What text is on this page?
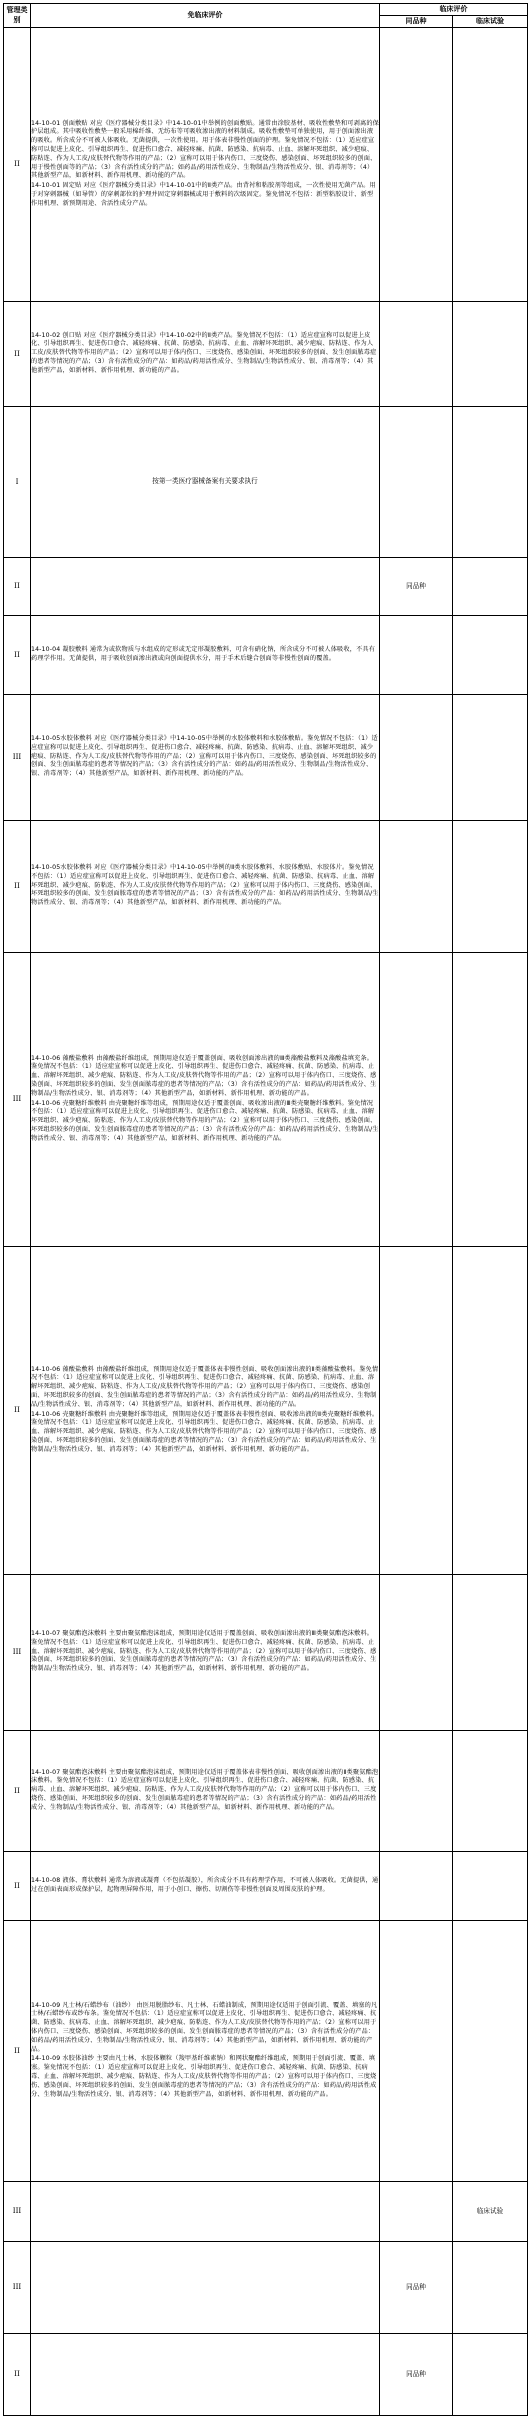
管理类别	免临床评价	临床评价	
		同品种	临床试验
II	14-10-01 创面敷贴 对应《医疗器械分类目录》中14-10-01中举例的创面敷贴。通常由涂胶基材、吸收性敷垫和可剥离的保护层组成。其中吸收性敷垫一般采用棉纤维、无纺布等可吸收渗出液的材料制成。吸收性敷垫可单独使用，用于创面渗出液的吸收。所含成分不可被人体吸收。无菌提供，一次性使用。用于体表非慢性创面的护理。鉴免情况不包括：（1）适应症宣称可以促进上皮化、引导组织再生、促进伤口愈合、减轻疼痛、抗菌、防感染、抗病毒、止血、溶解坏死组织、减少疤痕、防粘连、作为人工皮/皮肤替代物等作用的产品；（2）宣称可以用于体内伤口、三度烧伤、感染创面、坏死组织较多的创面、用于慢性创面等的产品；（3）含有活性成分的产品；如药品/药用活性成分、生物制品/生物活性成分、银、消毒剂等；（4）其他新型产品，如新材料、新作用机理、新功能的产品。

14-10-01 固定贴 对应《医疗器械分类目录》中14-10-01中的Ⅱ类产品。由背衬和粘胶剂等组成，一次性使用无菌产品。用于对穿刺器械（如导管）的穿刺部位的护理并固定穿刺器械或用于敷料的次级固定。鉴免情况不包括：新型粘胶设计、新型作用机理、新预期用途、含活性成分产品。		

II	14-10-02 创口贴 对应《医疗器械分类目录》中14-10-02中的Ⅱ类产品。鉴免情况不包括：（1）适应症宣称可以促进上皮化、引导组织再生、促进伤口愈合、减轻疼痛、抗菌、防感染、抗病毒、止血、溶解坏死组织、减少疤痕、防粘连、作为人工皮/皮肤替代物等作用的产品；（2）宣称可以用于体内伤口、三度烧伤、感染创面、坏死组织较多的创面、发生创面脓毒症的患者等情况的产品；（3）含有活性成分的产品：如药品/药用活性成分、生物制品/生物活性成分、银、消毒剂等；（4）其他新型产品，如新材料、新作用机理、新功能的产品。		

I	按第一类医疗器械备案有关要求执行		
II		同品种	
II	14-10-04 凝胶敷料 通常为或软物质与水组成的定形或无定形凝胶敷料，可含有硝化钠，所含成分不可被人体吸收，不具有药理学作用。无菌提供，用于吸收创面渗出液或向创面提供水分，用于手术后缝合创面等非慢性创面的覆盖。		

III	14-10-05水胶体敷料 对应《医疗器械分类目录》中14-10-05中举例的水胶体敷料和水胶体敷贴。鉴免情况不包括：（1）适应症宣称可以促进上皮化、引导组织再生、促进伤口愈合、减轻疼痛、抗菌、防感染、抗病毒、止血、溶解坏死组织、减少疤痕、防粘连、作为人工皮/皮肤替代物等作用的产品；（2）宣称可以用于体内伤口、三度烧伤、感染创面、坏死组织较多的创面、发生创面脓毒症的患者等情况的产品；（3）含有活性成分的产品：如药品/药用活性成分、生物制品/生物活性成分、银、消毒剂等；（4）其他新型产品，如新材料、新作用机理、新功能的产品。		

II	14-10-05水胶体敷料 对应《医疗器械分类目录》中14-10-05中举例的Ⅱ类水胶体敷料、水胶体敷贴、水胶体片。鉴免情况不包括：（1）适应症宣称可以促进上皮化、引导组织再生、促进伤口愈合、减轻疼痛、抗菌、防感染、抗病毒、止血、溶解坏死组织、减少疤痕、防粘连、作为人工皮/皮肤替代物等作用的产品；（2）宣称可以用于体内伤口、三度烧伤、感染创面、坏死组织较多的创面、发生创面脓毒症的患者等情况的产品；（3）含有活性成分的产品：如药品/药用活性成分、生物制品/生物活性成分、银、消毒剂等；（4）其他新型产品，如新材料、新作用机理、新功能的产品。		

III	14-10-06 藻酸盐敷料 由藻酸盐纤维组成，预期用途仅适于覆盖创面、吸收创面渗出液的Ⅲ类藻酸盐敷料及藻酸盐填充条。鉴免情况不包括：（1）适应症宣称可以促进上皮化、引导组织再生、促进伤口愈合、减轻疼痛、抗菌、防感染、抗病毒、止血、溶解坏死组织、减少疤痕、防粘连、作为人工皮/皮肤替代物等作用的产品；（2）宣称可以用于体内伤口、三度烧伤、感染创面、坏死组织较多的创面、发生创面脓毒症的患者等情况的产品；（3）含有活性成分的产品：如药品/药用活性成分、生物制品/生物活性成分、银、消毒剂等；（4）其他新型产品，如新材料、新作用机理、新功能的产品。

14-10-06 壳聚糖纤维敷料 由壳聚糖纤维等组成，预期用途仅适于覆盖创面、吸收渗出液的Ⅲ类壳聚糖纤维敷料。鉴免情况不包括：（1）适应症宣称可以促进上皮化、引导组织再生、促进伤口愈合、减轻疼痛、抗菌、防感染、抗病毒、止血、溶解坏死组织、减少疤痕、防粘连、作为人工皮/皮肤替代物等作用的产品；（2）宣称可以用于体内伤口、三度烧伤、感染创面、坏死组织较多的创面、发生创面脓毒症的患者等情况的产品；（3）含有活性成分的产品：如药品/药用活性成分、生物制品/生物活性成分、银、消毒剂等；（4）其他新型产品，如新材料、新作用机理、新功能的产品。		

II	14-10-06 藻酸盐敷料 由藻酸盐纤维组成，预期用途仅适于覆盖体表非慢性创面、吸收创面渗出液的Ⅱ类藻酸盐敷料。鉴免情况不包括：（1）适应症宣称可以促进上皮化、引导组织再生、促进伤口愈合、减轻疼痛、抗菌、防感染、抗病毒、止血、溶解坏死组织、减少疤痕、防粘连、作为人工皮/皮肤替代物等作用的产品；（2）宣称可以用于体内伤口、三度烧伤、感染创面、坏死组织较多的创面、发生创面脓毒症的患者等情况的产品；（3）含有活性成分的产品：如药品/药用活性成分、生物制品/生物活性成分、银、消毒剂等；（4）其他新型产品，如新材料、新作用机理、新功能的产品。

14-10-06 壳聚糖纤维敷料 由壳聚糖纤维等组成，预期用途仅适于覆盖体表非慢性创面、吸收渗出液的Ⅱ类壳聚糖纤维敷料。鉴免情况不包括：（1）适应症宣称可以促进上皮化、引导组织再生、促进伤口愈合、减轻疼痛、抗菌、防感染、抗病毒、止血、溶解坏死组织、减少疤痕、防粘连、作为人工皮/皮肤替代物等作用的产品；（2）宣称可以用于体内伤口、三度烧伤、感染创面、坏死组织较多的创面、发生创面脓毒症的患者等情况的产品；（3）含有活性成分的产品：如药品/药用活性成分、生物制品/生物活性成分、银、消毒剂等；（4）其他新型产品，如新材料、新作用机理、新功能的产品。		

III	14-10-07 聚氨酯泡沫敷料 主要由聚氨酯泡沫组成，预期用途仅适用于覆盖创面、吸收创面渗出液的Ⅲ类聚氨酯泡沫敷料。鉴免情况不包括：（1）适应症宣称可以促进上皮化、引导组织再生、促进伤口愈合、减轻疼痛、抗菌、防感染、抗病毒、止血、溶解坏死组织、减少疤痕、防粘连、作为人工皮/皮肤替代物等作用的产品；（2）宣称可以用于体内伤口、三度烧伤、感染创面、坏死组织较多的创面、发生创面脓毒症的患者等情况的产品；（3）含有活性成分的产品：如药品/药用活性成分、生物制品/生物活性成分、银、消毒剂等；（4）其他新型产品，如新材料、新作用机理、新功能的产品。		

II	14-10-07 聚氨酯泡沫敷料 主要由聚氨酯泡沫组成，预期用途仅适用于覆盖体表非慢性创面、吸收创面渗出液的Ⅱ类聚氨酯泡沫敷料。鉴免情况不包括：（1）适应症宣称可以促进上皮化、引导组织再生、促进伤口愈合、减轻疼痛、抗菌、防感染、抗病毒、止血、溶解坏死组织、减少疤痕、防粘连、作为人工皮/皮肤替代物等作用的产品；（2）宣称可以用于体内伤口、三度烧伤、感染创面、坏死组织较多的创面、发生创面脓毒症的患者等情况的产品；（3）含有活性成分的产品：如药品/药用活性成分、生物制品/生物活性成分、银、消毒剂等；（4）其他新型产品，如新材料、新作用机理、新功能的产品。		

II	14-10-08 液体、膏状敷料 通常为溶液或凝膏（不包括凝胶），所含成分不具有药理学作用，不可被人体吸收。无菌提供，通过在创面表面形成保护层，起物理屏障作用，用于小创口、擦伤、切割伤等非慢性创面及周围皮肤的护理。		

II	14-10-09 凡士林/石蜡纱布（油纱） 由医用脱脂纱布、凡士林、石蜡油制成，预期用途仅适用于创面引流、覆盖、填塞的凡士林/石蜡纱布或纱布条。鉴免情况不包括：（1）适应症宣称可以促进上皮化、引导组织再生、促进伤口愈合、减轻疼痛、抗菌、防感染、抗病毒、止血、溶解坏死组织、减少疤痕、防粘连、作为人工皮/皮肤替代物等作用的产品；（2）宣称可以用于体内伤口、三度烧伤、感染创面、坏死组织较多的创面、发生创面脓毒症的患者等情况的产品；（3）含有活性成分的产品：如药品/药用活性成分、生物制品/生物活性成分、银、消毒剂等；（4）其他新型产品，如新材料、新作用机理、新功能的产品。

14-10-09 水胶体油纱 主要由凡士林、水胶体颗粒（羧甲基纤维素钠）和网状聚酯纤维组成，预期用于创面引流、覆盖、填塞。鉴免情况不包括：（1）适应症宣称可以促进上皮化、引导组织再生、促进伤口愈合、减轻疼痛、抗菌、防感染、抗病毒、止血、溶解坏死组织、减少疤痕、防粘连、作为人工皮/皮肤替代物等作用的产品；（2）宣称可以用于体内伤口、三度烧伤、感染创面、坏死组织较多的创面、发生创面脓毒症的患者等情况的产品；（3）含有活性成分的产品：如药品/药用活性成分、生物制品/生物活性成分、银、消毒剂等；（4）其他新型产品，如新材料、新作用机理、新功能的产品。		

III			临床试验
III		同品种	
II		同品种	
